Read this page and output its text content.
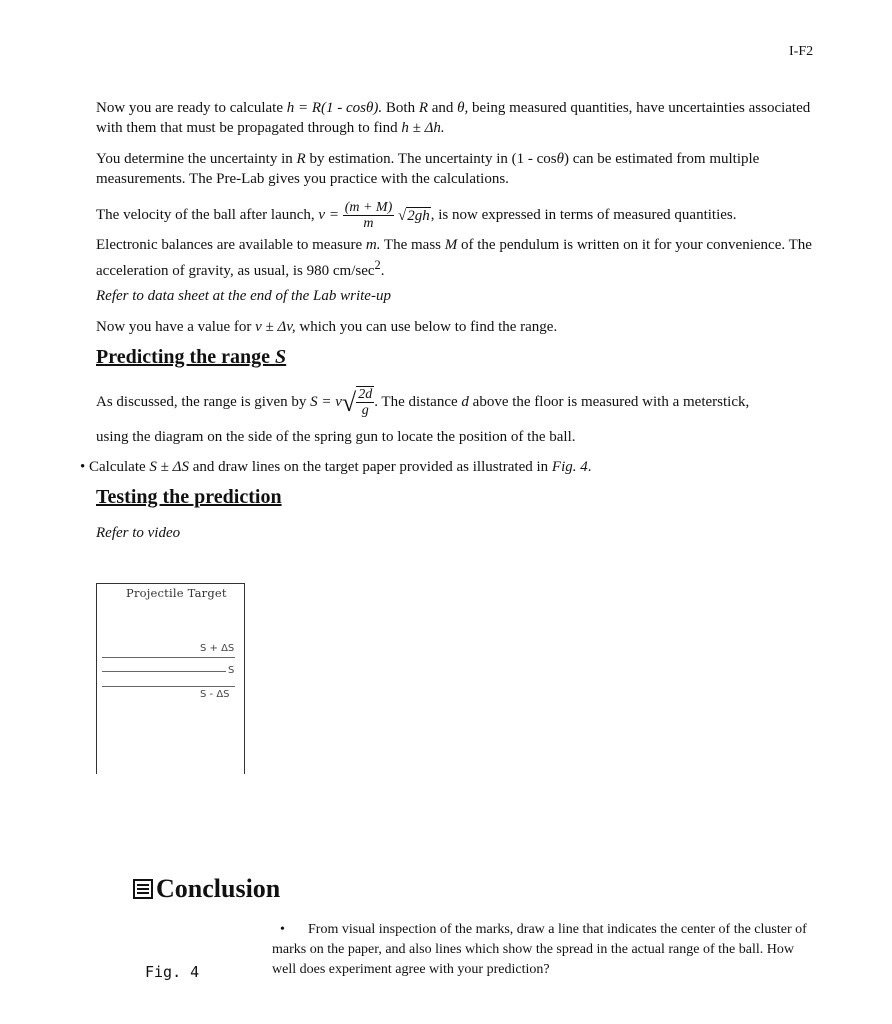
I-F2
Now you are ready to calculate h = R(1 - cosθ). Both R and θ, being measured quantities, have uncertainties associated with them that must be propagated through to find h ± Δh.
You determine the uncertainty in R by estimation. The uncertainty in (1 - cosθ) can be estimated from multiple measurements. The Pre-Lab gives you practice with the calculations.
The velocity of the ball after launch, $v = \frac{(m + M)}{m} √2gh$, is now expressed in terms of measured quantities.
Electronic balances are available to measure m. The mass M of the pendulum is written on it for your convenience. The acceleration of gravity, as usual, is 980 $cm/\sec^2$.
Refer to data sheet at the end of the Lab write-up
Now you have a value for v ± Δv, which you can use below to find the range.
Predicting the range S
As discussed, the range is given by $S = v√ \frac{2d}{g}$ . The distance d above the floor is measured with a meterstick,
using the diagram on the side of the spring gun to locate the position of the ball.
• Calculate S ± ΔS and draw lines on the target paper provided as illustrated in Fig. 4.
Testing the prediction
Refer to video
Projectile Target
S + ΔS
S
S - ΔS
Conclusion
Fig. 4
• From visual inspection of the marks, draw a line that indicates the center of the cluster of marks on the paper, and also lines which show the spread in the actual range of the ball. How well does experiment agree with your prediction?
